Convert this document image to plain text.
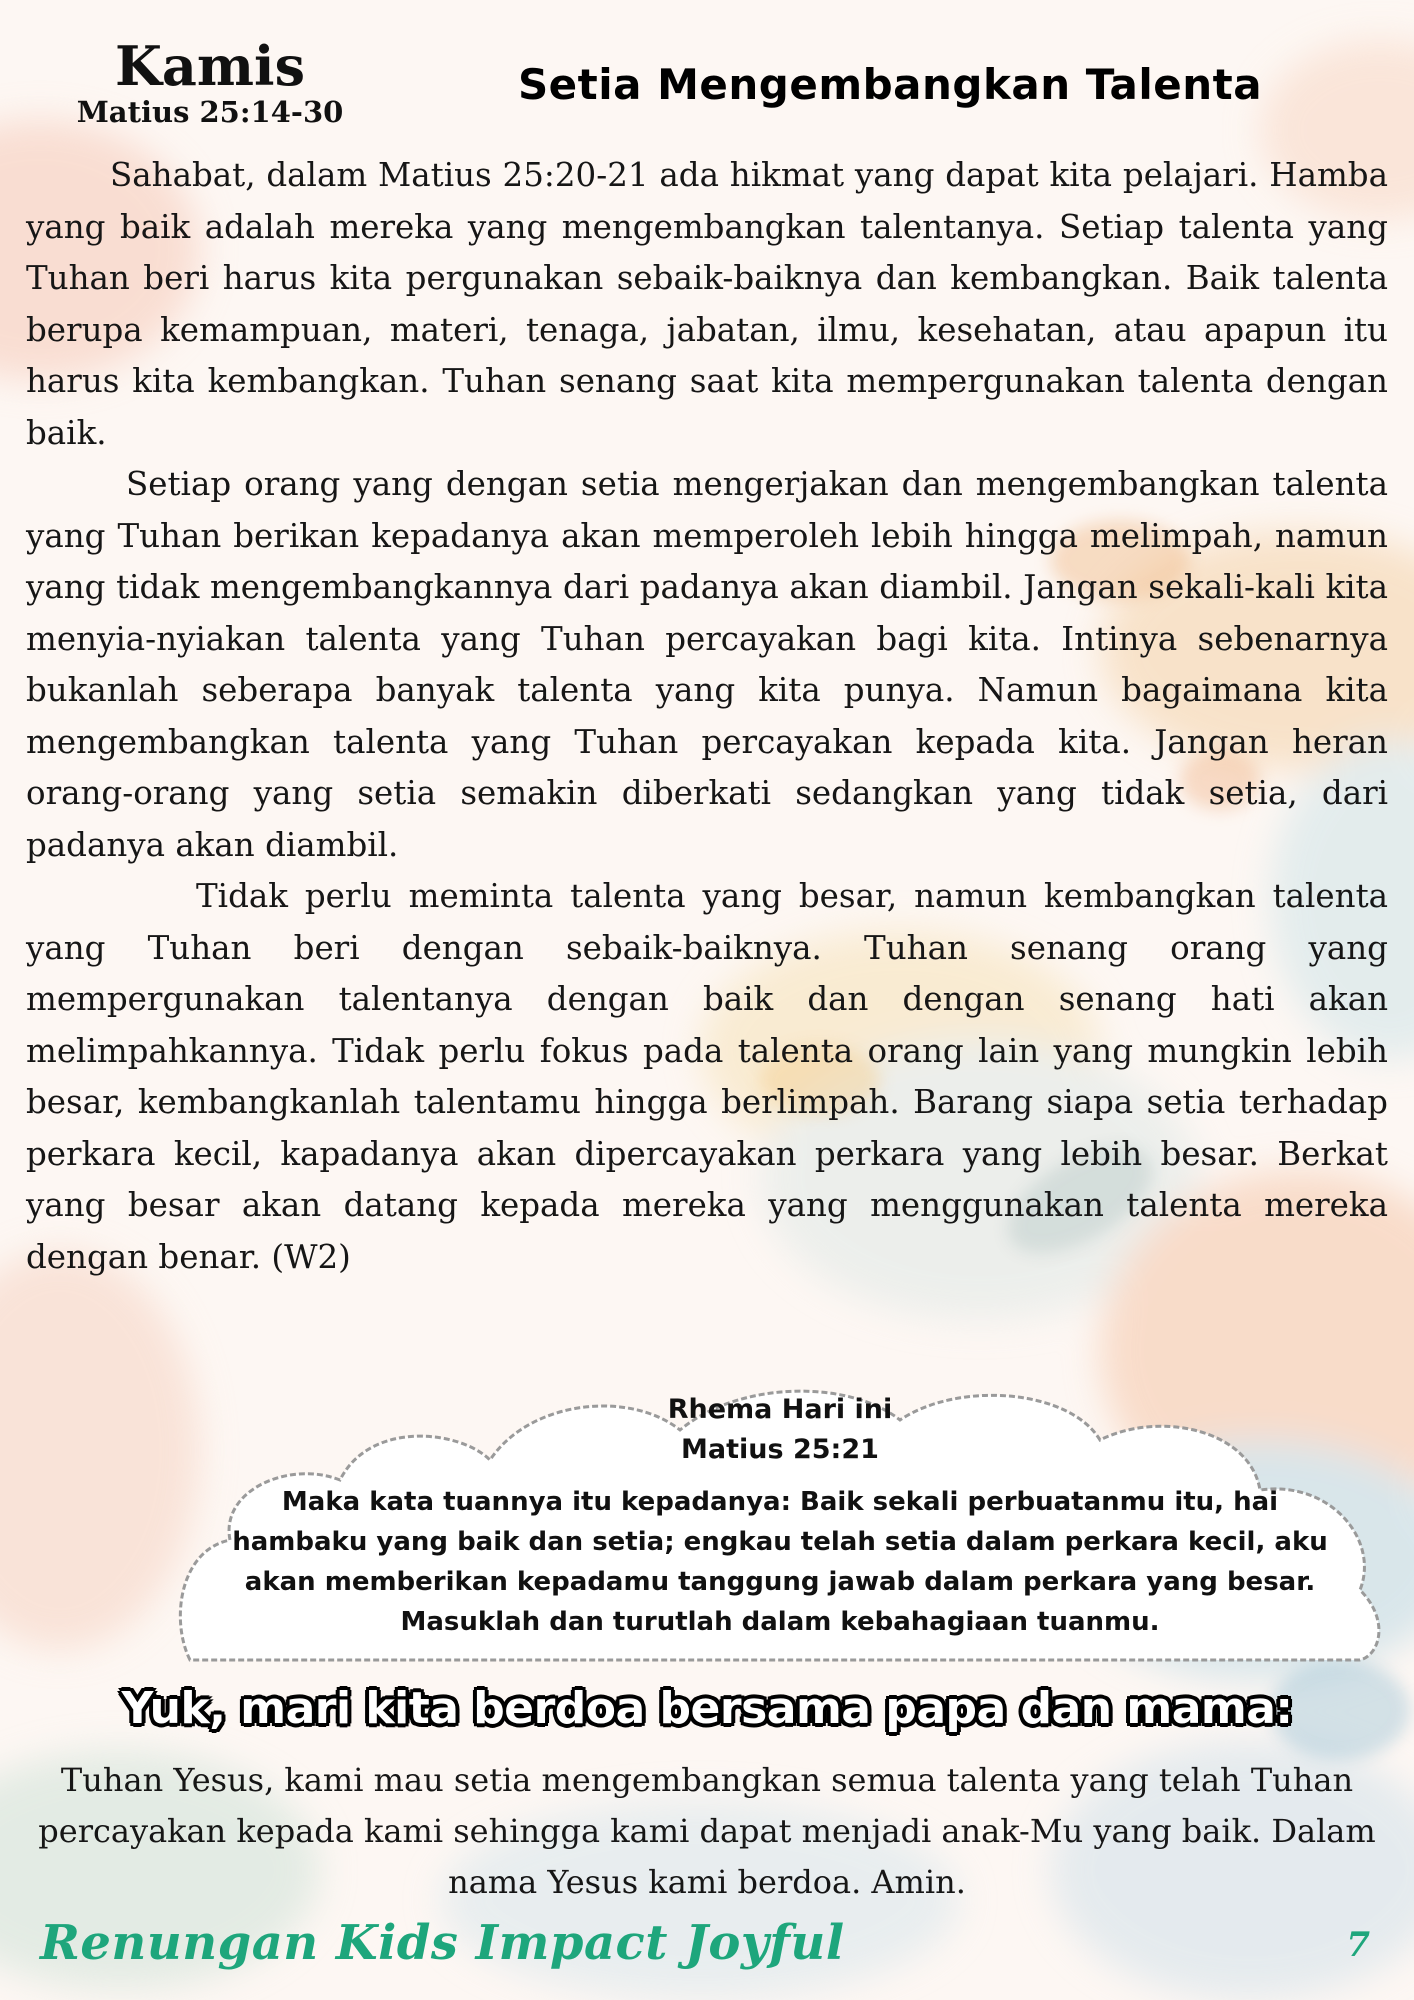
Kamis
Matius 25:14-30
Setia Mengembangkan Talenta

Sahabat, dalam Matius 25:20-21 ada hikmat yang dapat kita pelajari. Hamba yang baik adalah mereka yang mengembangkan talentanya. Setiap talenta yang Tuhan beri harus kita pergunakan sebaik-baiknya dan kembangkan. Baik talenta berupa kemampuan, materi, tenaga, jabatan, ilmu, kesehatan, atau apapun itu harus kita kembangkan. Tuhan senang saat kita mempergunakan talenta dengan baik.

Setiap orang yang dengan setia mengerjakan dan mengembangkan talenta yang Tuhan berikan kepadanya akan memperoleh lebih hingga melimpah, namun yang tidak mengembangkannya dari padanya akan diambil. Jangan sekali-kali kita menyia-nyiakan talenta yang Tuhan percayakan bagi kita. Intinya sebenarnya bukanlah seberapa banyak talenta yang kita punya. Namun bagaimana kita mengembangkan talenta yang Tuhan percayakan kepada kita. Jangan heran orang-orang yang setia semakin diberkati sedangkan yang tidak setia, dari padanya akan diambil.

Tidak perlu meminta talenta yang besar, namun kembangkan talenta yang Tuhan beri dengan sebaik-baiknya. Tuhan senang orang yang mempergunakan talentanya dengan baik dan dengan senang hati akan melimpahkannya. Tidak perlu fokus pada talenta orang lain yang mungkin lebih besar, kembangkanlah talentamu hingga berlimpah. Barang siapa setia terhadap perkara kecil, kapadanya akan dipercayakan perkara yang lebih besar. Berkat yang besar akan datang kepada mereka yang menggunakan talenta mereka dengan benar. (W2)

Rhema Hari ini
Matius 25:21
Maka kata tuannya itu kepadanya: Baik sekali perbuatanmu itu, hai hambaku yang baik dan setia; engkau telah setia dalam perkara kecil, aku akan memberikan kepadamu tanggung jawab dalam perkara yang besar. Masuklah dan turutlah dalam kebahagiaan tuanmu.
Yuk, mari kita berdoa bersama papa dan mama:
Tuhan Yesus, kami mau setia mengembangkan semua talenta yang telah Tuhan percayakan kepada kami sehingga kami dapat menjadi anak-Mu yang baik. Dalam nama Yesus kami berdoa. Amin.
Renungan Kids Impact Joyful	7
